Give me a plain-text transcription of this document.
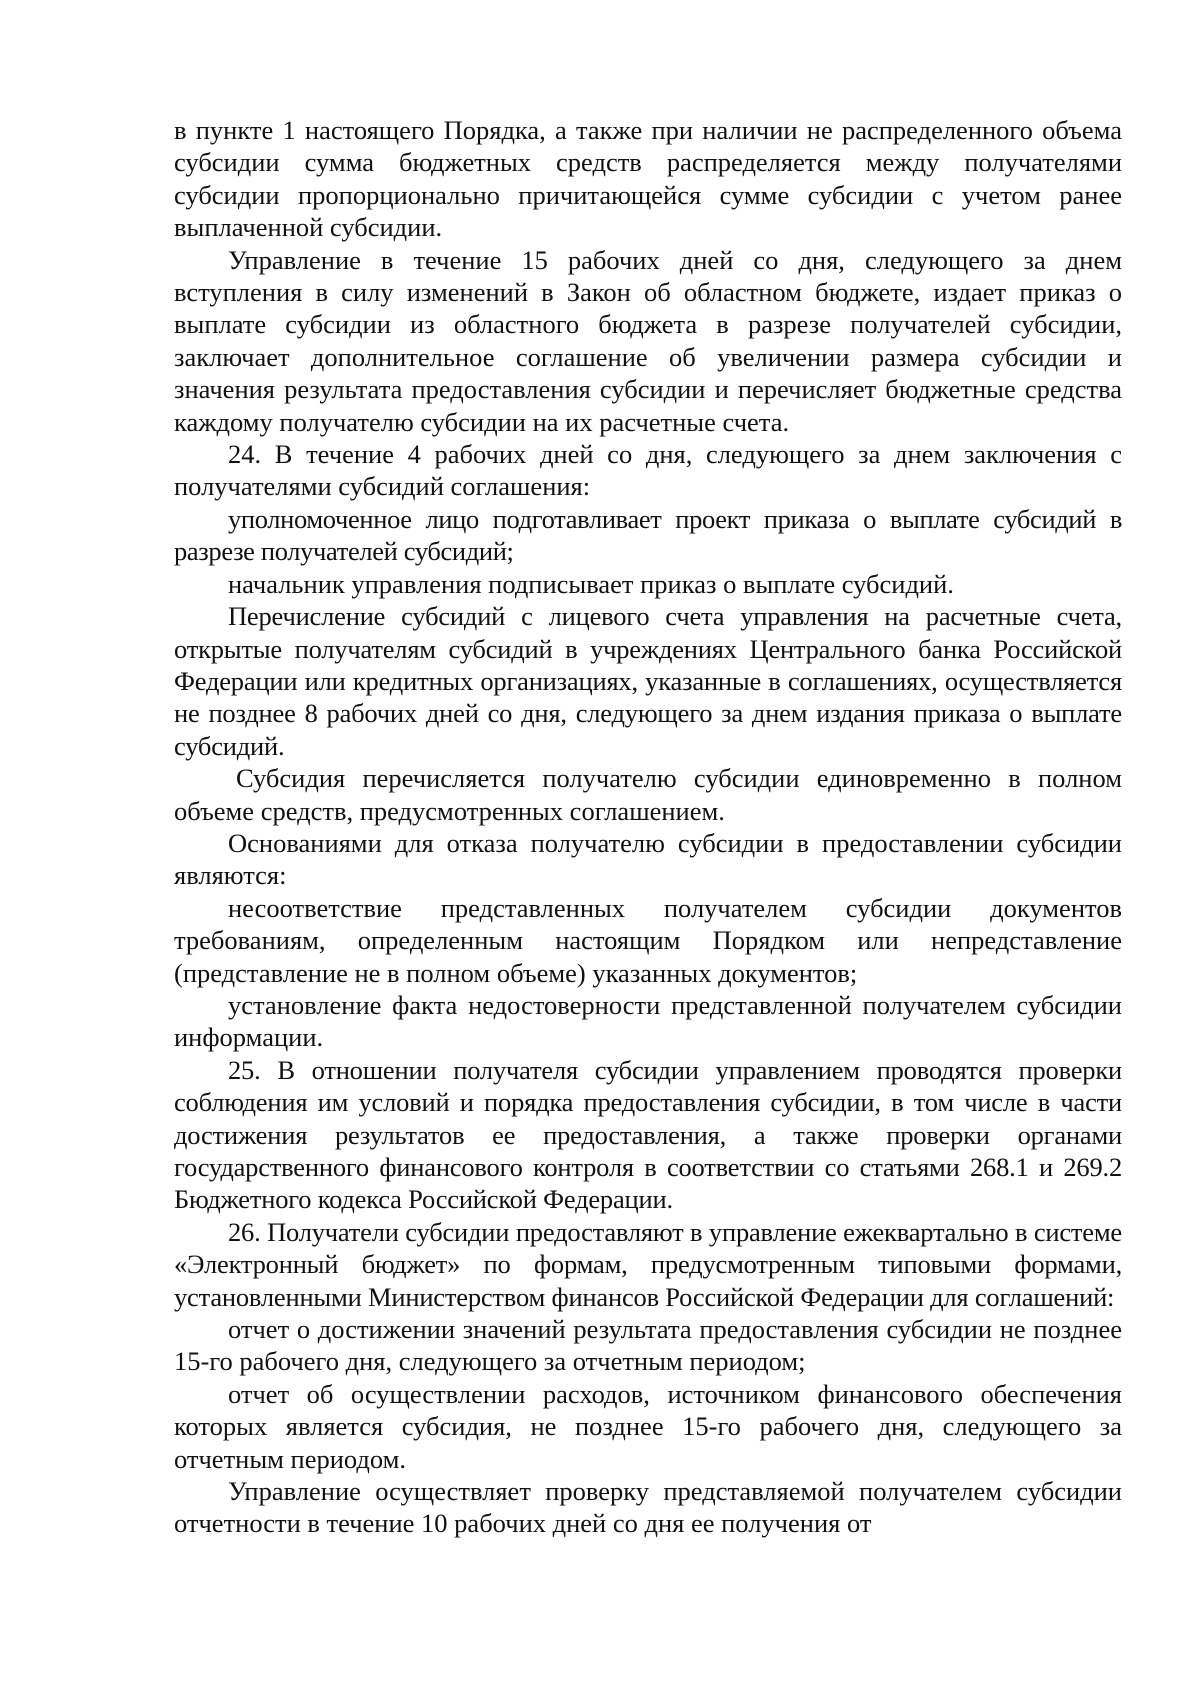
в пункте 1 настоящего Порядка, а также при наличии не распределенного объема субсидии сумма бюджетных средств распределяется между получателями субсидии пропорционально причитающейся сумме субсидии с учетом ранее выплаченной субсидии.

Управление в течение 15 рабочих дней со дня, следующего за днем вступления в силу изменений в Закон об областном бюджете, издает приказ о выплате субсидии из областного бюджета в разрезе получателей субсидии, заключает дополнительное соглашение об увеличении размера субсидии и значения результата предоставления субсидии и перечисляет бюджетные средства каждому получателю субсидии на их расчетные счета.

24. В течение 4 рабочих дней со дня, следующего за днем заключения с получателями субсидий соглашения:

уполномоченное лицо подготавливает проект приказа о выплате субсидий в разрезе получателей субсидий;

начальник управления подписывает приказ о выплате субсидий.

Перечисление субсидий с лицевого счета управления на расчетные счета, открытые получателям субсидий в учреждениях Центрального банка Российской Федерации или кредитных организациях, указанные в соглашениях, осуществляется не позднее 8 рабочих дней со дня, следующего за днем издания приказа о выплате субсидий.

Субсидия перечисляется получателю субсидии единовременно в полном объеме средств, предусмотренных соглашением.

Основаниями для отказа получателю субсидии в предоставлении субсидии являются:

несоответствие представленных получателем субсидии документов требованиям, определенным настоящим Порядком или непредставление (представление не в полном объеме) указанных документов;

установление факта недостоверности представленной получателем субсидии информации.

25. В отношении получателя субсидии управлением проводятся проверки соблюдения им условий и порядка предоставления субсидии, в том числе в части достижения результатов ее предоставления, а также проверки органами государственного финансового контроля в соответствии со статьями 268.1 и 269.2 Бюджетного кодекса Российской Федерации.

26. Получатели субсидии предоставляют в управление ежеквартально в системе «Электронный бюджет» по формам, предусмотренным типовыми формами, установленными Министерством финансов Российской Федерации для соглашений:

отчет о достижении значений результата предоставления субсидии не позднее 15-го рабочего дня, следующего за отчетным периодом;

отчет об осуществлении расходов, источником финансового обеспечения которых является субсидия, не позднее 15-го рабочего дня, следующего за отчетным периодом.

Управление осуществляет проверку представляемой получателем субсидии отчетности в течение 10 рабочих дней со дня ее получения от
